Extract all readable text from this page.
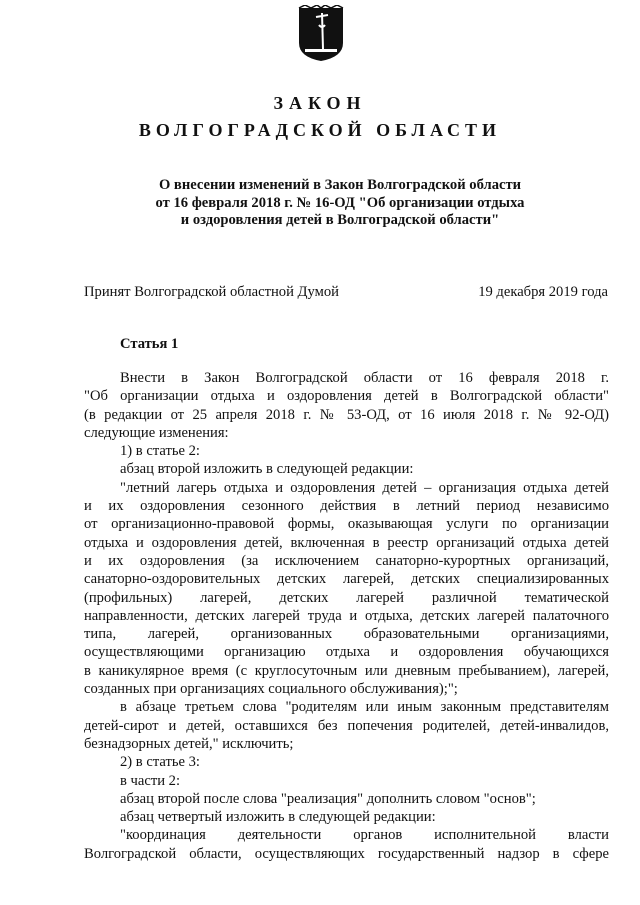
ЗАКОН
ВОЛГОГРАДСКОЙ ОБЛАСТИ
О внесении изменений в Закон Волгоградской области
от 16 февраля 2018 г. № 16-ОД "Об организации отдыха
и оздоровления детей в Волгоградской области"
Принят Волгоградской областной Думой	19 декабря 2019 года
Статья 1
Внести в Закон Волгоградской области от 16 февраля 2018 г.
"Об организации отдыха и оздоровления детей в Волгоградской области"
(в редакции от 25 апреля 2018 г. № 53-ОД, от 16 июля 2018 г. № 92-ОД)
следующие изменения:
1) в статье 2:
абзац второй изложить в следующей редакции:
"летний лагерь отдыха и оздоровления детей – организация отдыха детей
и их оздоровления сезонного действия в летний период независимо
от организационно-правовой формы, оказывающая услуги по организации
отдыха и оздоровления детей, включенная в реестр организаций отдыха детей
и их оздоровления (за исключением санаторно-курортных организаций,
санаторно-оздоровительных детских лагерей, детских специализированных
(профильных) лагерей, детских лагерей различной тематической
направленности, детских лагерей труда и отдыха, детских лагерей палаточного
типа, лагерей, организованных образовательными организациями,
осуществляющими организацию отдыха и оздоровления обучающихся
в каникулярное время (с круглосуточным или дневным пребыванием), лагерей,
созданных при организациях социального обслуживания);";
в абзаце третьем слова "родителям или иным законным представителям
детей-сирот и детей, оставшихся без попечения родителей, детей-инвалидов,
безнадзорных детей," исключить;
2) в статье 3:
в части 2:
абзац второй после слова "реализация" дополнить словом "основ";
абзац четвертый изложить в следующей редакции:
"координация деятельности органов исполнительной власти
Волгоградской области, осуществляющих государственный надзор в сфере
